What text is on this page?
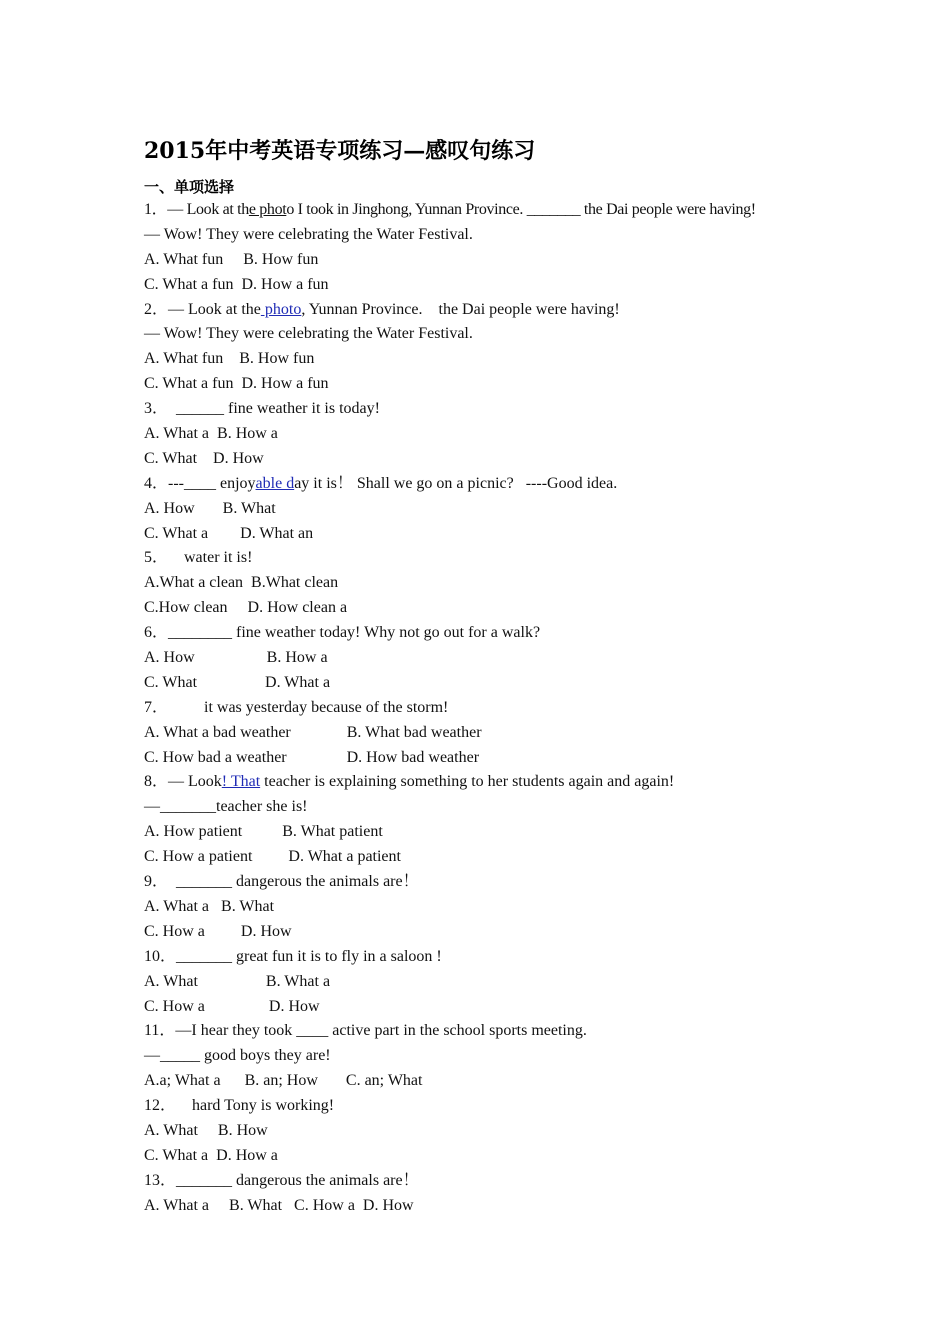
2015年中考英语专项练习—感叹句练习
一、单项选择
1．— Look at the photo I took in Jinghong, Yunnan Province. _______ the Dai people were having!
— Wow! They were celebrating the Water Festival.
A. What fun     B. How fun
C. What a fun  D. How a fun
2．— Look at the photo, Yunnan Province.    the Dai people were having!
— Wow! They were celebrating the Water Festival.
A. What fun    B. How fun
C. What a fun  D. How a fun
3．  ______ fine weather it is today!
A. What a  B. How a
C. What    D. How
4．---____ enjoyable day it is！ Shall we go on a picnic?   ----Good idea.
A. How       B. What
C. What a        D. What an
5．    water it is!
A.What a clean  B.What clean
C.How clean     D. How clean a
6．________ fine weather today! Why not go out for a walk?
A. How                  B. How a
C. What                 D. What a
7．         it was yesterday because of the storm!
A. What a bad weather              B. What bad weather
C. How bad a weather               D. How bad weather
8．— Look! That teacher is explaining something to her students again and again!
—_______teacher she is!
A. How patient          B. What patient
C. How a patient         D. What a patient
9．  _______ dangerous the animals are！
A. What a   B. What
C. How a         D. How
10．_______ great fun it is to fly in a saloon !
A. What                 B. What a
C. How a                D. How
11．—I hear they took ____ active part in the school sports meeting.
—_____ good boys they are!
A.a; What a      B. an; How       C. an; What
12．    hard Tony is working!
A. What     B. How
C. What a  D. How a
13．_______ dangerous the animals are！
A. What a     B. What   C. How a  D. How
